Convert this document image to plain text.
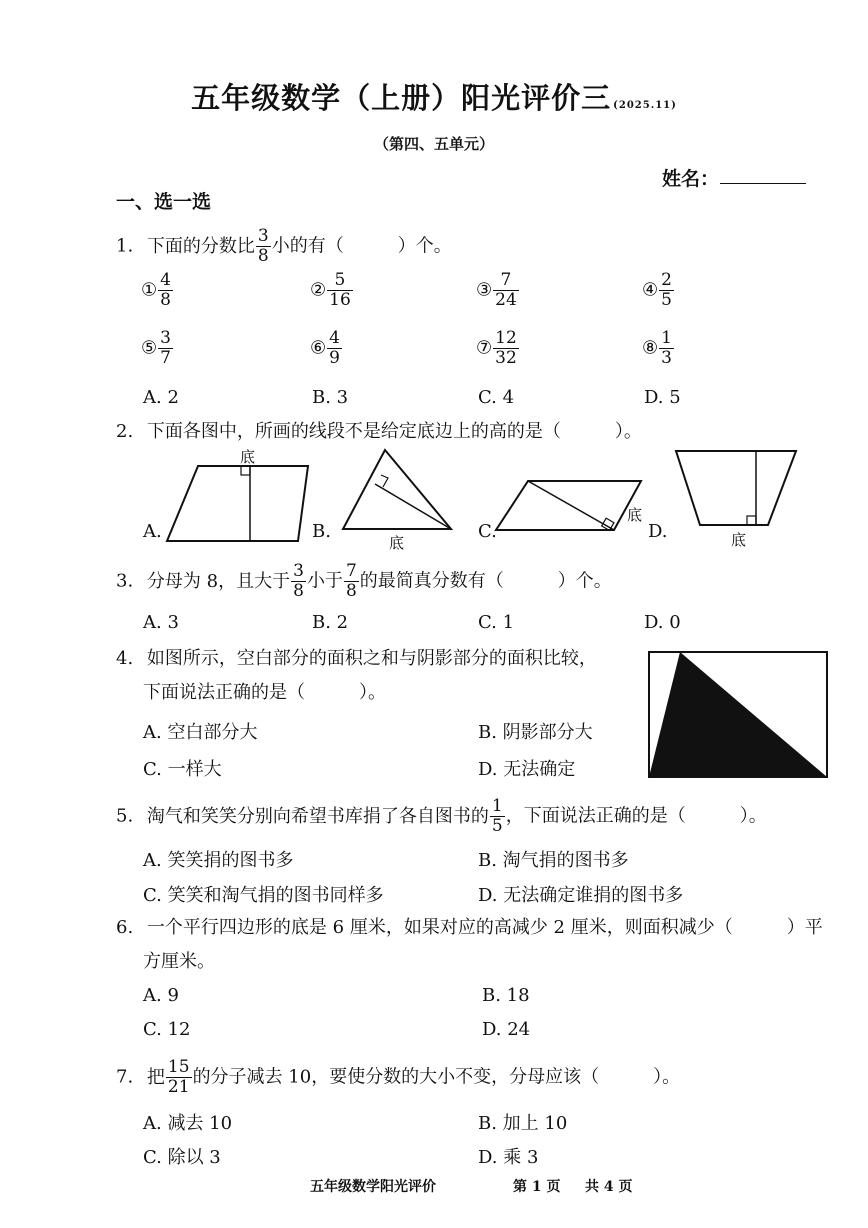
五年级数学（上册）阳光评价三 (2025.11)
（第四、五单元）
姓名：
一、选一选
1. 下面的分数比 $\frac{3}{8}$ 小的有（　　　）个。
① $\frac{4}{8}$	② $\frac{5}{16}$	③ $\frac{7}{24}$	④ $\frac{2}{5}$
⑤ $\frac{3}{7}$	⑥ $\frac{4}{9}$	⑦ $\frac{12}{32}$	⑧ $\frac{1}{3}$
A. 2	B. 3	C. 4	D. 5
2. 下面各图中，所画的线段不是给定底边上的高的是（　　　）。
A.	B.	C.	D.
底
底
底
底
3. 分母为 8，且大于 $\frac{3}{8}$ 小于 $\frac{7}{8}$ 的最简真分数有（　　　）个。
A. 3	B. 2	C. 1	D. 0
4. 如图所示，空白部分的面积之和与阴影部分的面积比较，
下面说法正确的是（　　　）。
A. 空白部分大	B. 阴影部分大
C. 一样大	D. 无法确定
5. 淘气和笑笑分别向希望书库捐了各自图书的 $\frac{1}{5}$ ，下面说法正确的是（　　　）。
A. 笑笑捐的图书多	B. 淘气捐的图书多
C. 笑笑和淘气捐的图书同样多	D. 无法确定谁捐的图书多
6. 一个平行四边形的底是 6 厘米，如果对应的高减少 2 厘米，则面积减少（　　　）平
方厘米。
A. 9	B. 18
C. 12	D. 24
7. 把 $\frac{15}{21}$ 的分子减去 10，要使分数的大小不变，分母应该（　　　）。
A. 减去 10	B. 加上 10
C. 除以 3	D. 乘 3
五年级数学阳光评价	第 1 页 共 4 页
